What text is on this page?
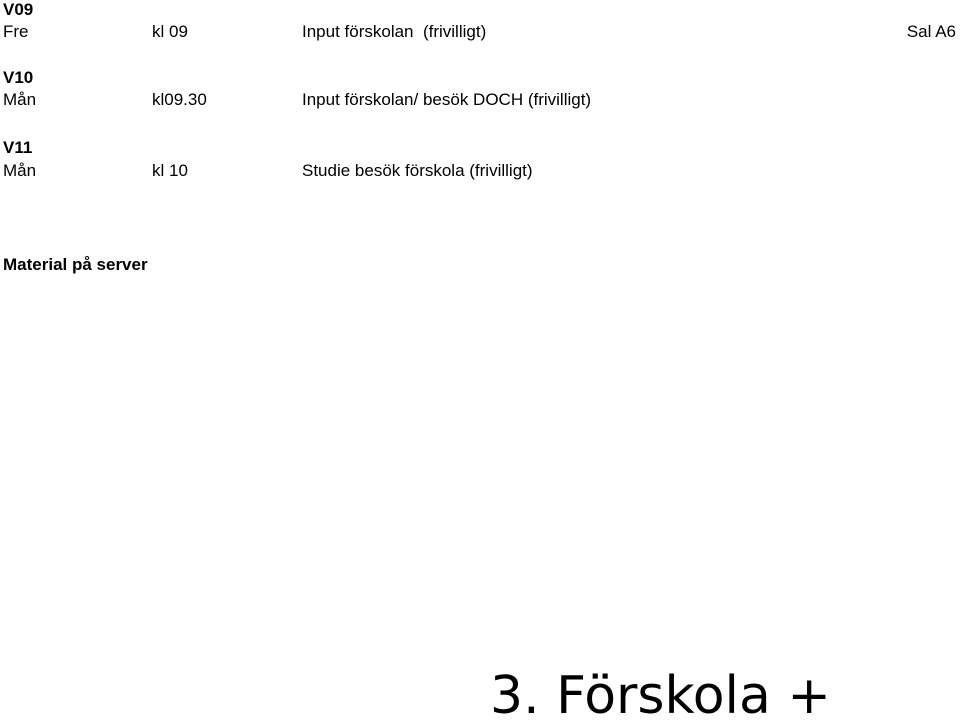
V09
Fre	kl 09	Input förskolan  (frivilligt)	Sal A6
V10
Mån	kl09.30	Input förskolan/ besök DOCH (frivilligt)
V11
Mån	kl 10	Studie besök förskola (frivilligt)
Material på server
3. Förskola +
